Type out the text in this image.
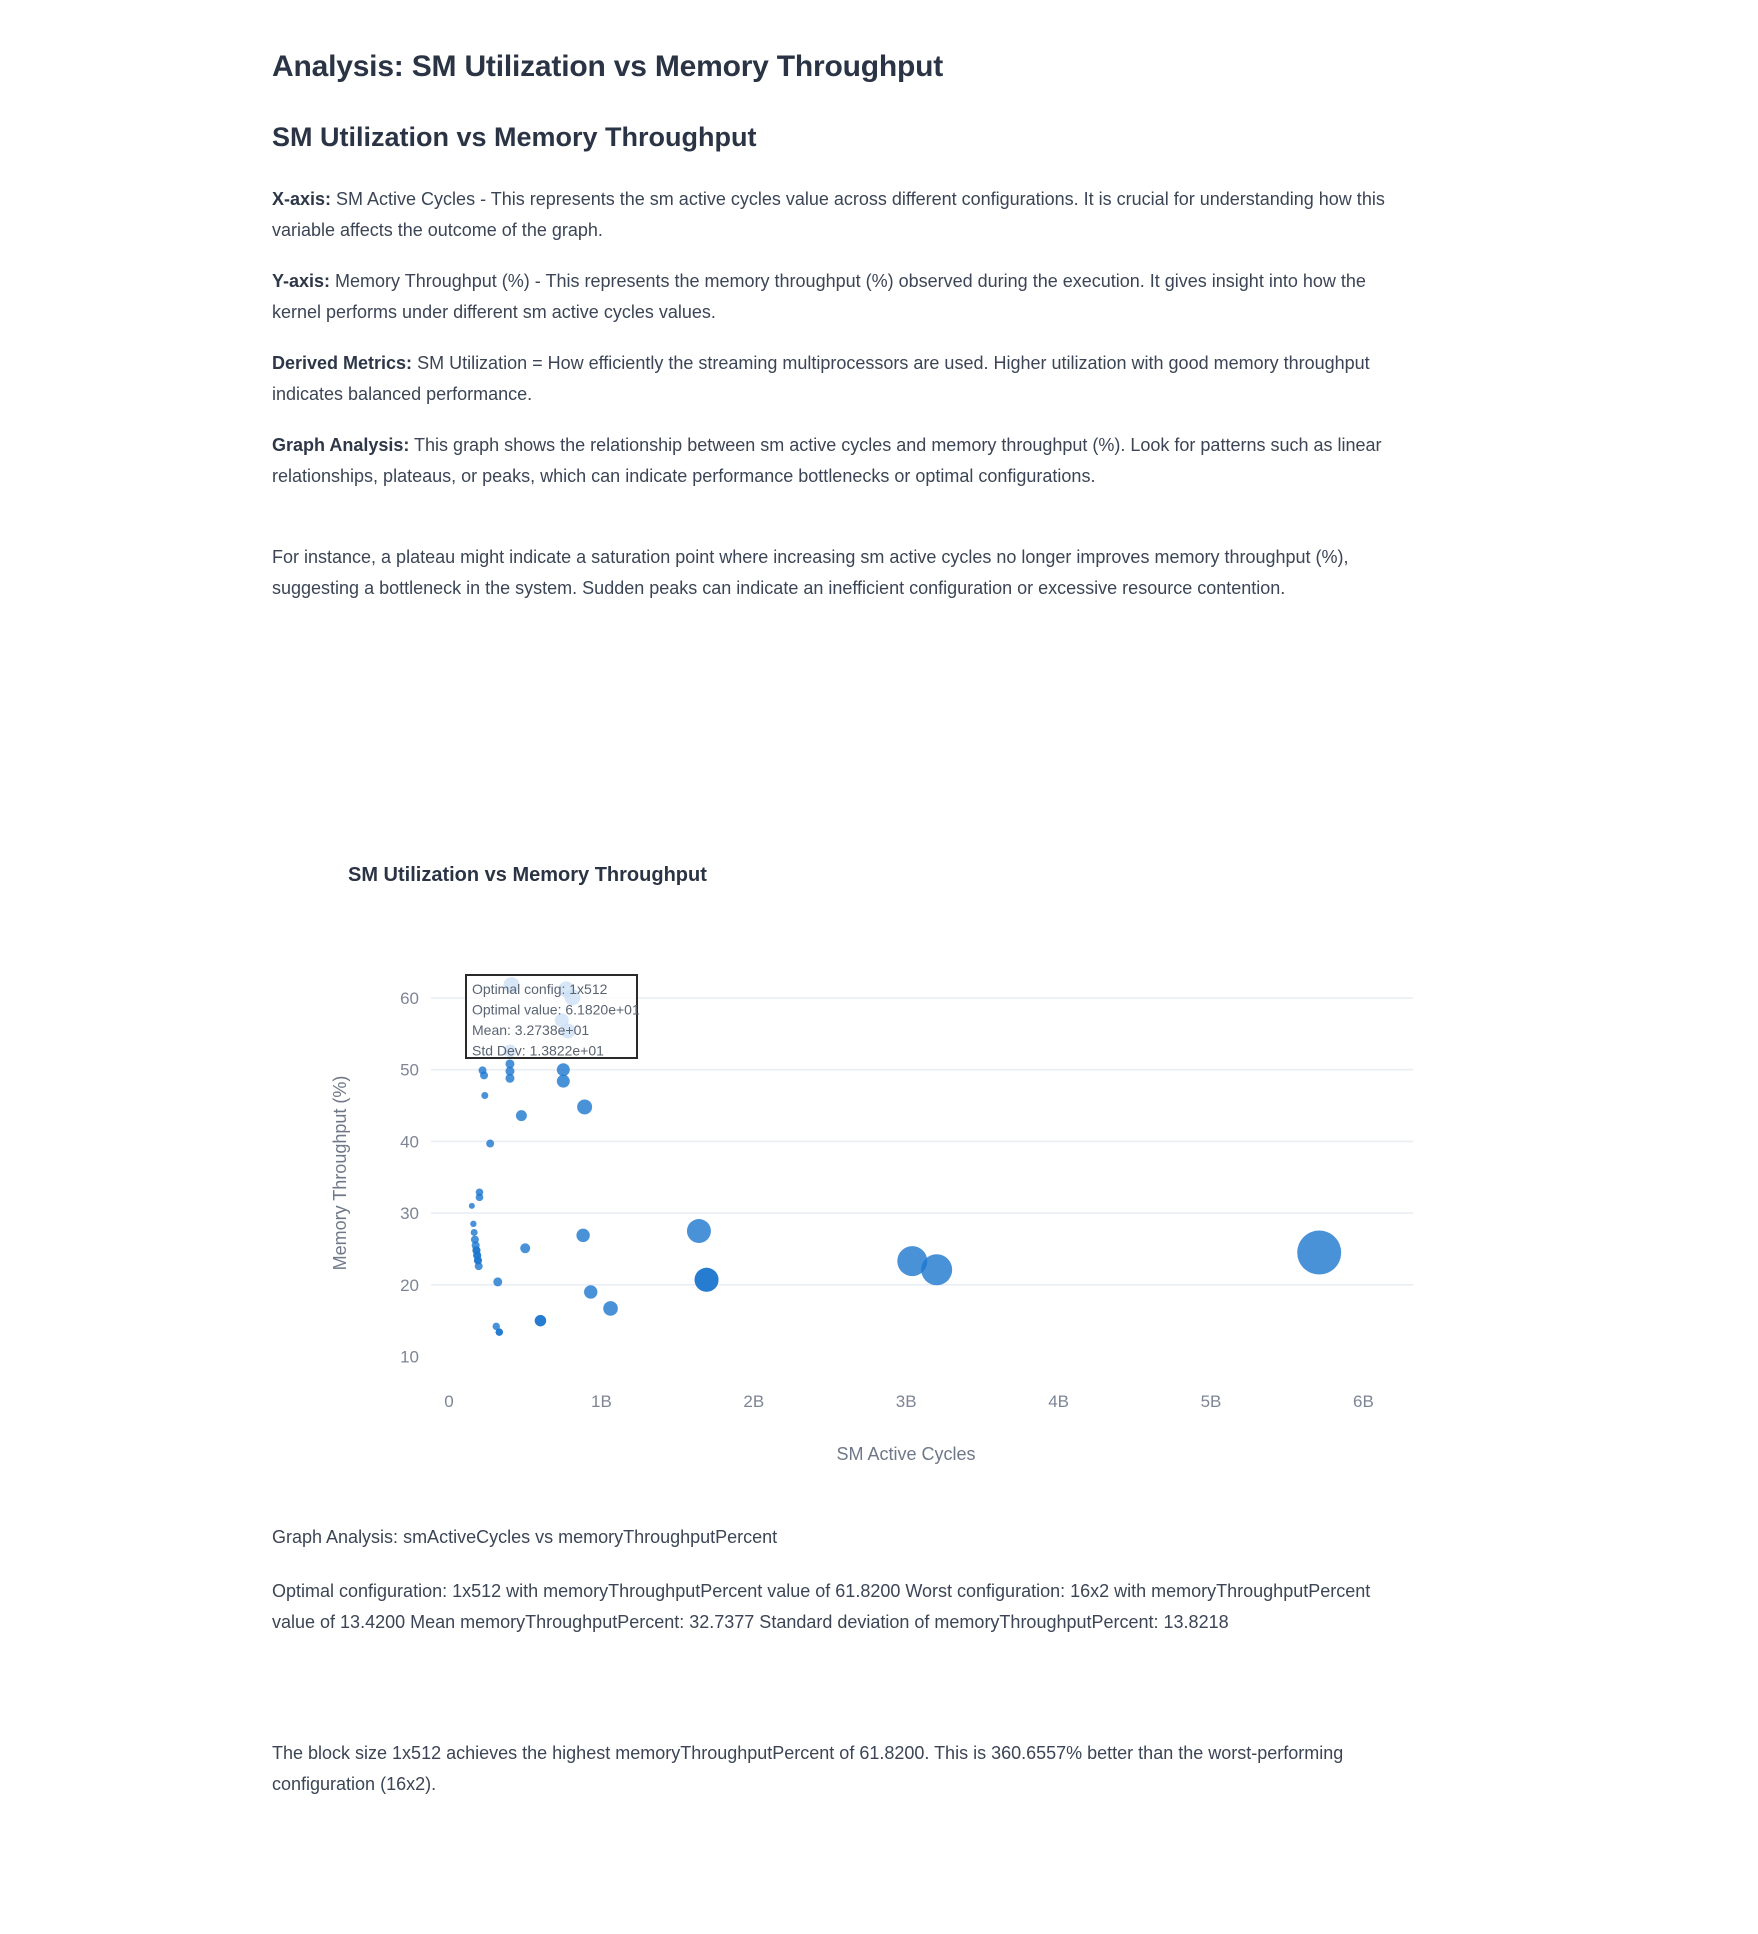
Analysis: SM Utilization vs Memory Throughput
SM Utilization vs Memory Throughput
X-axis: SM Active Cycles - This represents the sm active cycles value across different configurations. It is crucial for understanding how this variable affects the outcome of the graph.
Y-axis: Memory Throughput (%) - This represents the memory throughput (%) observed during the execution. It gives insight into how the kernel performs under different sm active cycles values.
Derived Metrics: SM Utilization = How efficiently the streaming multiprocessors are used. Higher utilization with good memory throughput indicates balanced performance.
Graph Analysis: This graph shows the relationship between sm active cycles and memory throughput (%). Look for patterns such as linear relationships, plateaus, or peaks, which can indicate performance bottlenecks or optimal configurations.
For instance, a plateau might indicate a saturation point where increasing sm active cycles no longer improves memory throughput (%), suggesting a bottleneck in the system. Sudden peaks can indicate an inefficient configuration or excessive resource contention.
SM Utilization vs Memory Throughput
10
20
30
40
50
60
0	1B	2B	3B	4B	5B	6B
SM Active Cycles
Memory Throughput (%)
Optimal config: 1x512
Optimal value: 6.1820e+01
Mean: 3.2738e+01
Std Dev: 1.3822e+01
Graph Analysis: smActiveCycles vs memoryThroughputPercent
Optimal configuration: 1x512 with memoryThroughputPercent value of 61.8200 Worst configuration: 16x2 with memoryThroughputPercent value of 13.4200 Mean memoryThroughputPercent: 32.7377 Standard deviation of memoryThroughputPercent: 13.8218
The block size 1x512 achieves the highest memoryThroughputPercent of 61.8200. This is 360.6557% better than the worst-performing configuration (16x2).
